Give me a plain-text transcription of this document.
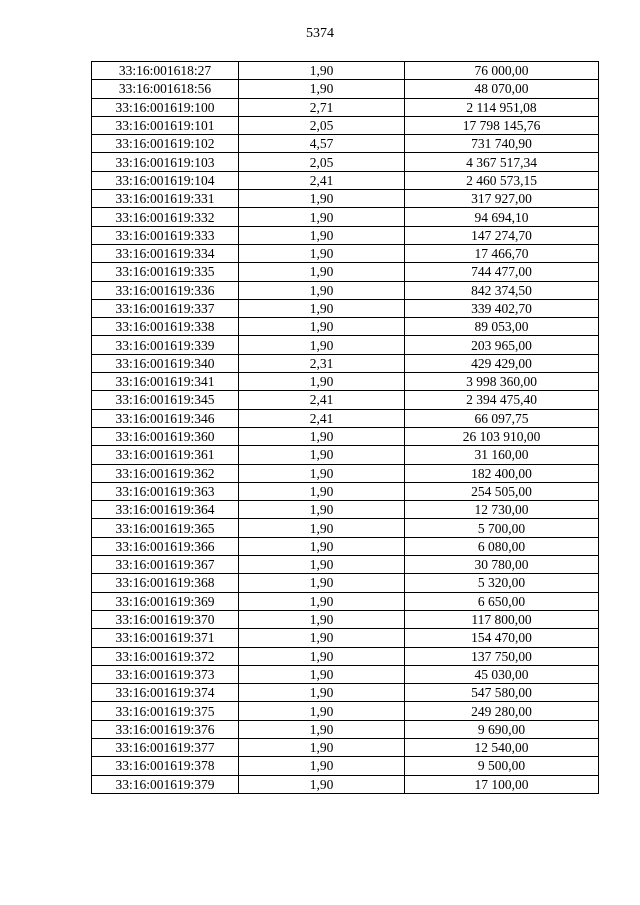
5374
33:16:001618:27	1,90	76 000,00
33:16:001618:56	1,90	48 070,00
33:16:001619:100	2,71	2 114 951,08
33:16:001619:101	2,05	17 798 145,76
33:16:001619:102	4,57	731 740,90
33:16:001619:103	2,05	4 367 517,34
33:16:001619:104	2,41	2 460 573,15
33:16:001619:331	1,90	317 927,00
33:16:001619:332	1,90	94 694,10
33:16:001619:333	1,90	147 274,70
33:16:001619:334	1,90	17 466,70
33:16:001619:335	1,90	744 477,00
33:16:001619:336	1,90	842 374,50
33:16:001619:337	1,90	339 402,70
33:16:001619:338	1,90	89 053,00
33:16:001619:339	1,90	203 965,00
33:16:001619:340	2,31	429 429,00
33:16:001619:341	1,90	3 998 360,00
33:16:001619:345	2,41	2 394 475,40
33:16:001619:346	2,41	66 097,75
33:16:001619:360	1,90	26 103 910,00
33:16:001619:361	1,90	31 160,00
33:16:001619:362	1,90	182 400,00
33:16:001619:363	1,90	254 505,00
33:16:001619:364	1,90	12 730,00
33:16:001619:365	1,90	5 700,00
33:16:001619:366	1,90	6 080,00
33:16:001619:367	1,90	30 780,00
33:16:001619:368	1,90	5 320,00
33:16:001619:369	1,90	6 650,00
33:16:001619:370	1,90	117 800,00
33:16:001619:371	1,90	154 470,00
33:16:001619:372	1,90	137 750,00
33:16:001619:373	1,90	45 030,00
33:16:001619:374	1,90	547 580,00
33:16:001619:375	1,90	249 280,00
33:16:001619:376	1,90	9 690,00
33:16:001619:377	1,90	12 540,00
33:16:001619:378	1,90	9 500,00
33:16:001619:379	1,90	17 100,00
